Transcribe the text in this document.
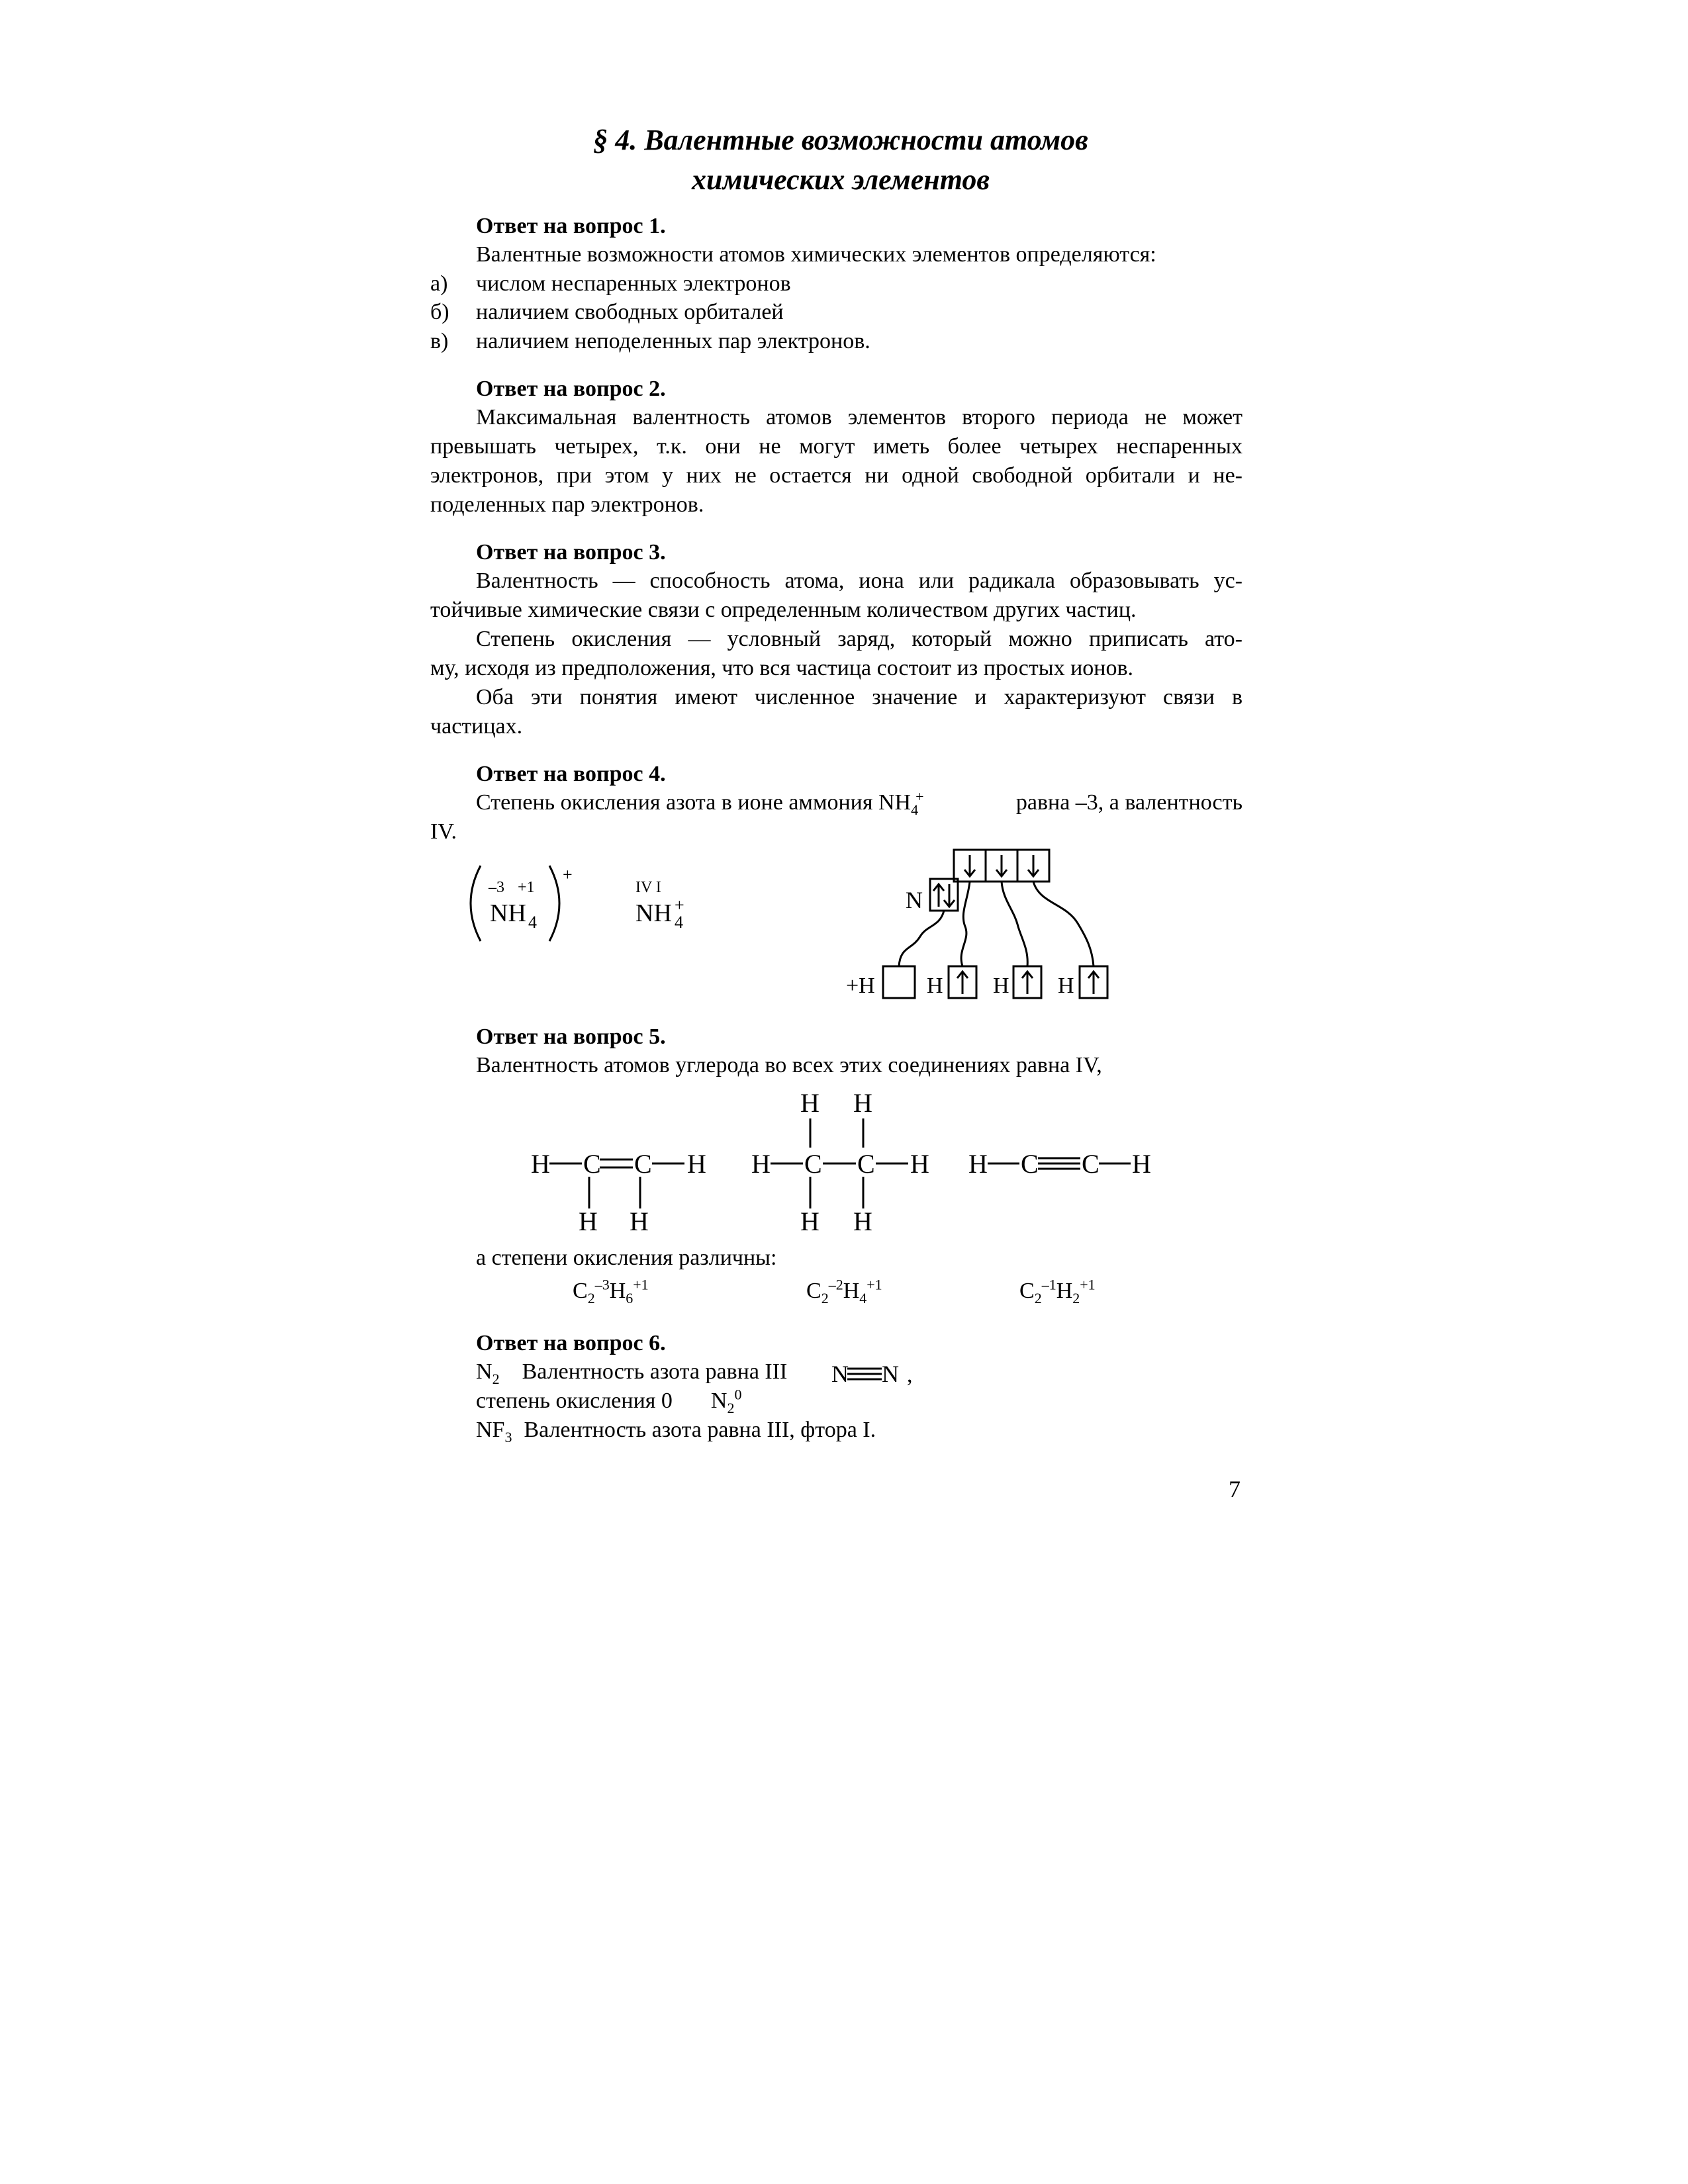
§ 4. Валентные возможности атомов
химических элементов
Ответ на вопрос 1.
Валентные возможности атомов химических элементов определяются:
а) числом неспаренных электронов
б) наличием свободных орбиталей
в) наличием неподеленных пар электронов.
Ответ на вопрос 2.
Максимальная валентность атомов элементов второго периода не может
превышать четырех, т.к. они не могут иметь более четырех неспаренных
электронов, при этом у них не остается ни одной свободной орбитали и не-
поделенных пар электронов.
Ответ на вопрос 3.
Валентность — способность атома, иона или радикала образовывать ус-
тойчивые химические связи с определенным количеством других частиц.
Степень окисления — условный заряд, который можно приписать ато-
му, исходя из предположения, что вся частица состоит из простых ионов.
Оба эти понятия имеют численное значение и характеризуют связи в
частицах.
Ответ на вопрос 4.
Степень окисления азота в ионе аммония $NH_4^+$	равна –3, а валентность
IV.
–3 +1
NH 4
+
IV I
NH 4
+	N
+H H H H
Ответ на вопрос 5.
Валентность атомов углерода во всех этих соединениях равна IV,
H C C H
H H
H C C H
H H
H H
H C C H
а степени окисления различны:
$C_2^{-3}H_6^{+1}$	$C_2^{-2}H_4^{+1}$	$C_2^{-1}H_2^{+1}$
Ответ на вопрос 6.
$N_2$ Валентность азота равна III N N ,
степень окисления 0 $N_2^0$
$NF_3$ Валентность азота равна III, фтора I.
7
